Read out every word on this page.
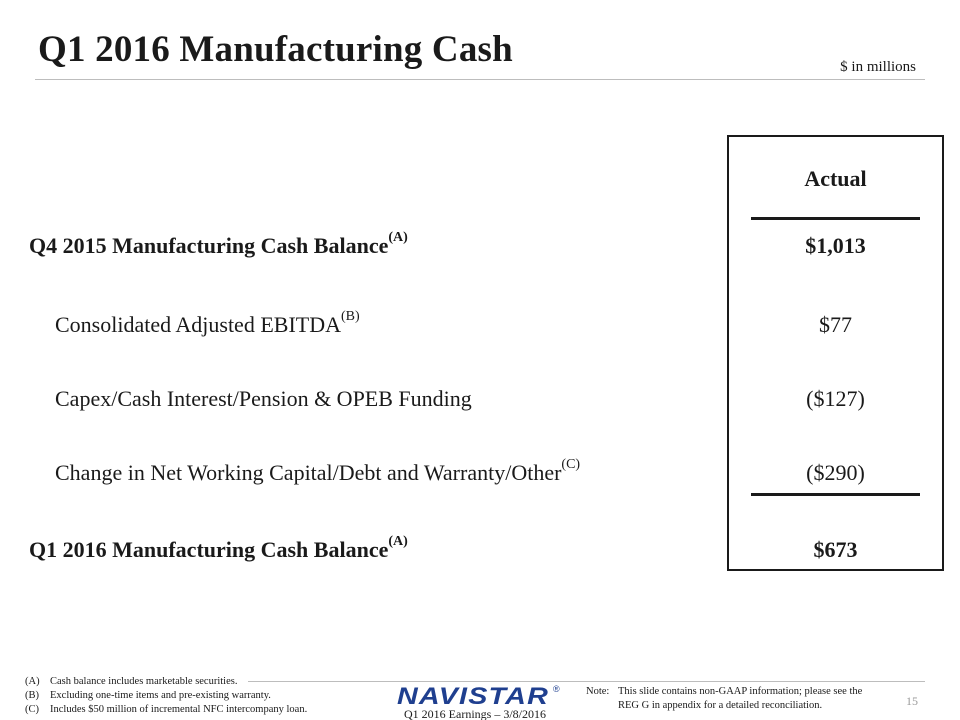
Q1 2016 Manufacturing Cash	$ in millions
Actual
Q4 2015 Manufacturing Cash Balance$^{(A)}$	$1,013
Consolidated Adjusted $EBITDA^{(B)}$	$77
Capex/Cash Interest/Pension & OPEB Funding	($127)
Change in Net Working Capital/Debt and Warranty/Other$^{(C)}$	($290)
Q1 2016 Manufacturing Cash Balance$^{(A)}$	$673
(A) Cash balance includes marketable securities.
(B)	Excluding one-time items and pre-existing warranty.
(C)	Includes $50 million of incremental NFC intercompany loan.	NAVISTAR ®
Q1 2016 Earnings – 3/8/2016
Note: This slide contains non-GAAP information; please see the REG G in appendix for a detailed reconciliation.	15
